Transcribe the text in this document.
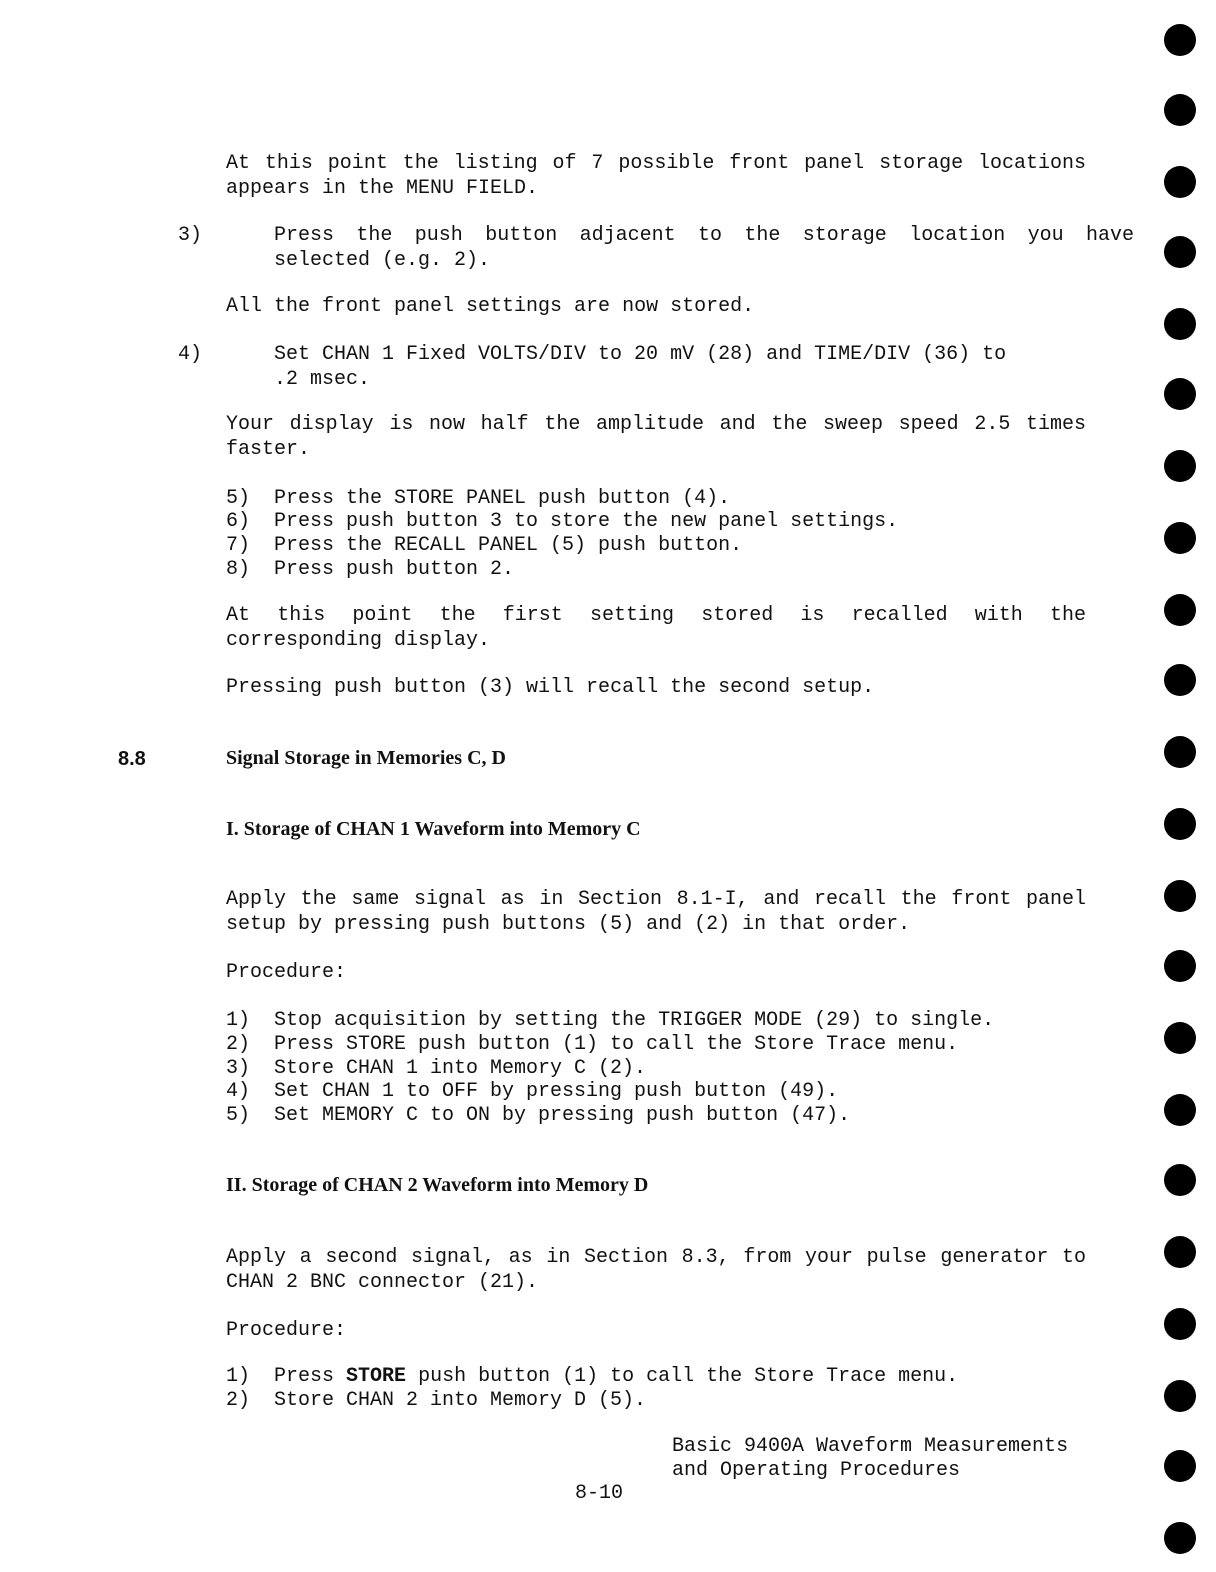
At this point the listing of 7 possible front panel storage locations appears in the MENU FIELD.
3)	Press the push button adjacent to the storage location you have selected (e.g. 2).
All the front panel settings are now stored.
4)	Set CHAN 1 Fixed VOLTS/DIV to 20 mV (28) and TIME/DIV (36) to .2 msec.
Your display is now half the amplitude and the sweep speed 2.5 times faster.
5) Press the STORE PANEL push button (4).
6) Press push button 3 to store the new panel settings.
7) Press the RECALL PANEL (5) push button.
8) Press push button 2.
At this point the first setting stored is recalled with the corresponding display.
Pressing push button (3) will recall the second setup.
8.8	Signal Storage in Memories C, D
I. Storage of CHAN 1 Waveform into Memory C
Apply the same signal as in Section 8.1-I, and recall the front panel setup by pressing push buttons (5) and (2) in that order.
Procedure:
1) Stop acquisition by setting the TRIGGER MODE (29) to single.
2) Press STORE push button (1) to call the Store Trace menu.
3) Store CHAN 1 into Memory C (2).
4) Set CHAN 1 to OFF by pressing push button (49).
5) Set MEMORY C to ON by pressing push button (47).
II. Storage of CHAN 2 Waveform into Memory D
Apply a second signal, as in Section 8.3, from your pulse generator to CHAN 2 BNC connector (21).
Procedure:
1) Press STORE push button (1) to call the Store Trace menu.
2) Store CHAN 2 into Memory D (5).
Basic 9400A Waveform Measurements
and Operating Procedures
8-10
